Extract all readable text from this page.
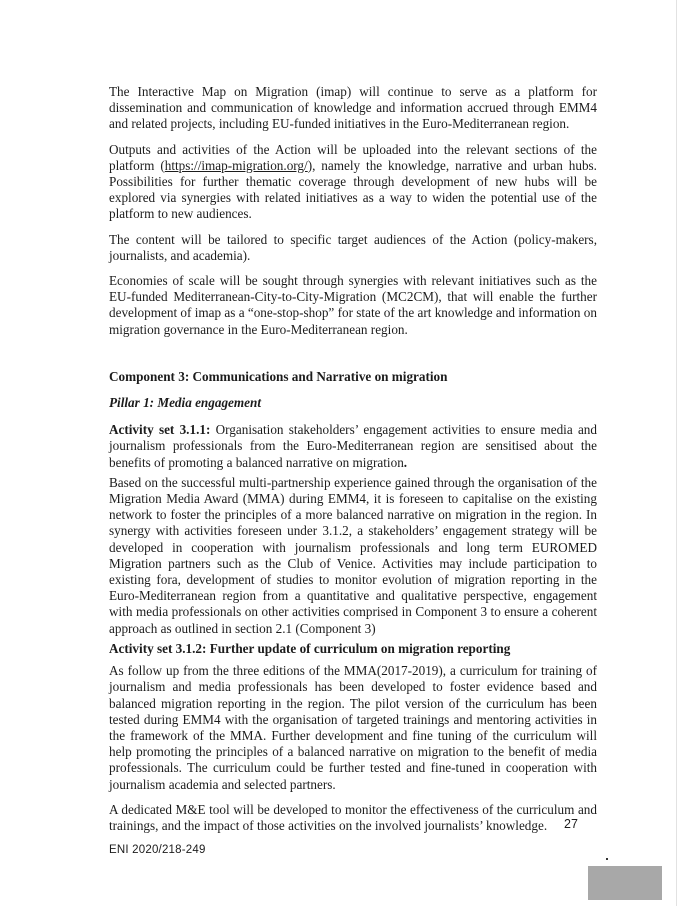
The Interactive Map on Migration (imap) will continue to serve as a platform for dissemination and communication of knowledge and information accrued through EMM4 and related projects, including EU-funded initiatives in the Euro-Mediterranean region.

Outputs and activities of the Action will be uploaded into the relevant sections of the platform (https://imap-migration.org/), namely the knowledge, narrative and urban hubs. Possibilities for further thematic coverage through development of new hubs will be explored via synergies with related initiatives as a way to widen the potential use of the platform to new audiences.

The content will be tailored to specific target audiences of the Action (policy-makers, journalists, and academia).

Economies of scale will be sought through synergies with relevant initiatives such as the EU-funded Mediterranean-City-to-City-Migration (MC2CM), that will enable the further development of imap as a “one-stop-shop” for state of the art knowledge and information on migration governance in the Euro-Mediterranean region.

Component 3: Communications and Narrative on migration

Pillar 1: Media engagement

Activity set 3.1.1: Organisation stakeholders’ engagement activities to ensure media and journalism professionals from the Euro-Mediterranean region are sensitised about the benefits of promoting a balanced narrative on migration.

Based on the successful multi-partnership experience gained through the organisation of the Migration Media Award (MMA) during EMM4, it is foreseen to capitalise on the existing network to foster the principles of a more balanced narrative on migration in the region. In synergy with activities foreseen under 3.1.2, a stakeholders’ engagement strategy will be developed in cooperation with journalism professionals and long term EUROMED Migration partners such as the Club of Venice. Activities may include participation to existing fora, development of studies to monitor evolution of migration reporting in the Euro-Mediterranean region from a quantitative and qualitative perspective, engagement with media professionals on other activities comprised in Component 3 to ensure a coherent approach as outlined in section 2.1 (Component 3)

Activity set 3.1.2: Further update of curriculum on migration reporting

As follow up from the three editions of the MMA(2017-2019), a curriculum for training of journalism and media professionals has been developed to foster evidence based and balanced migration reporting in the region. The pilot version of the curriculum has been tested during EMM4 with the organisation of targeted trainings and mentoring activities in the framework of the MMA. Further development and fine tuning of the curriculum will help promoting the principles of a balanced narrative on migration to the benefit of media professionals. The curriculum could be further tested and fine-tuned in cooperation with journalism academia and selected partners.

A dedicated M&E tool will be developed to monitor the effectiveness of the curriculum and trainings, and the impact of those activities on the involved journalists’ knowledge.	27
ENI 2020/218-249
